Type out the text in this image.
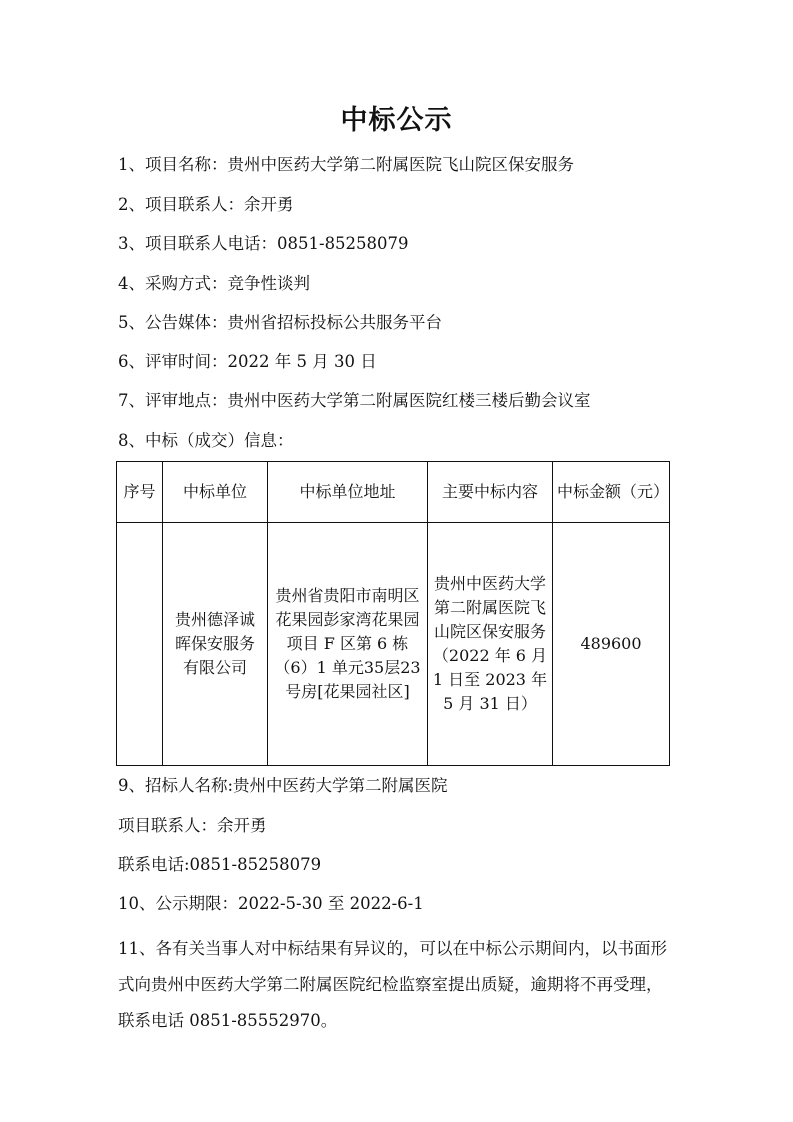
中标公示
1、项目名称：贵州中医药大学第二附属医院飞山院区保安服务
2、项目联系人：余开勇
3、项目联系人电话：0851-85258079
4、采购方式：竞争性谈判
5、公告媒体：贵州省招标投标公共服务平台
6、评审时间：2022 年 5 月 30 日
7、评审地点：贵州中医药大学第二附属医院红楼三楼后勤会议室
8、中标（成交）信息：
序号	中标单位	中标单位地址	主要中标内容	中标金额（元）
	贵州德泽诚晖保安服务有限公司	贵州省贵阳市南明区花果园彭家湾花果园项目 F 区第 6 栋（6）1 单元35层23号房[花果园社区]	贵州中医药大学第二附属医院飞山院区保安服务（2022 年 6 月 1 日至 2023 年 5 月 31 日）	489600
9、招标人名称:贵州中医药大学第二附属医院
项目联系人：余开勇
联系电话:0851-85258079
10、公示期限：2022-5-30 至 2022-6-1
11、各有关当事人对中标结果有异议的，可以在中标公示期间内，以书面形式向贵州中医药大学第二附属医院纪检监察室提出质疑，逾期将不再受理，联系电话 0851-85552970。
